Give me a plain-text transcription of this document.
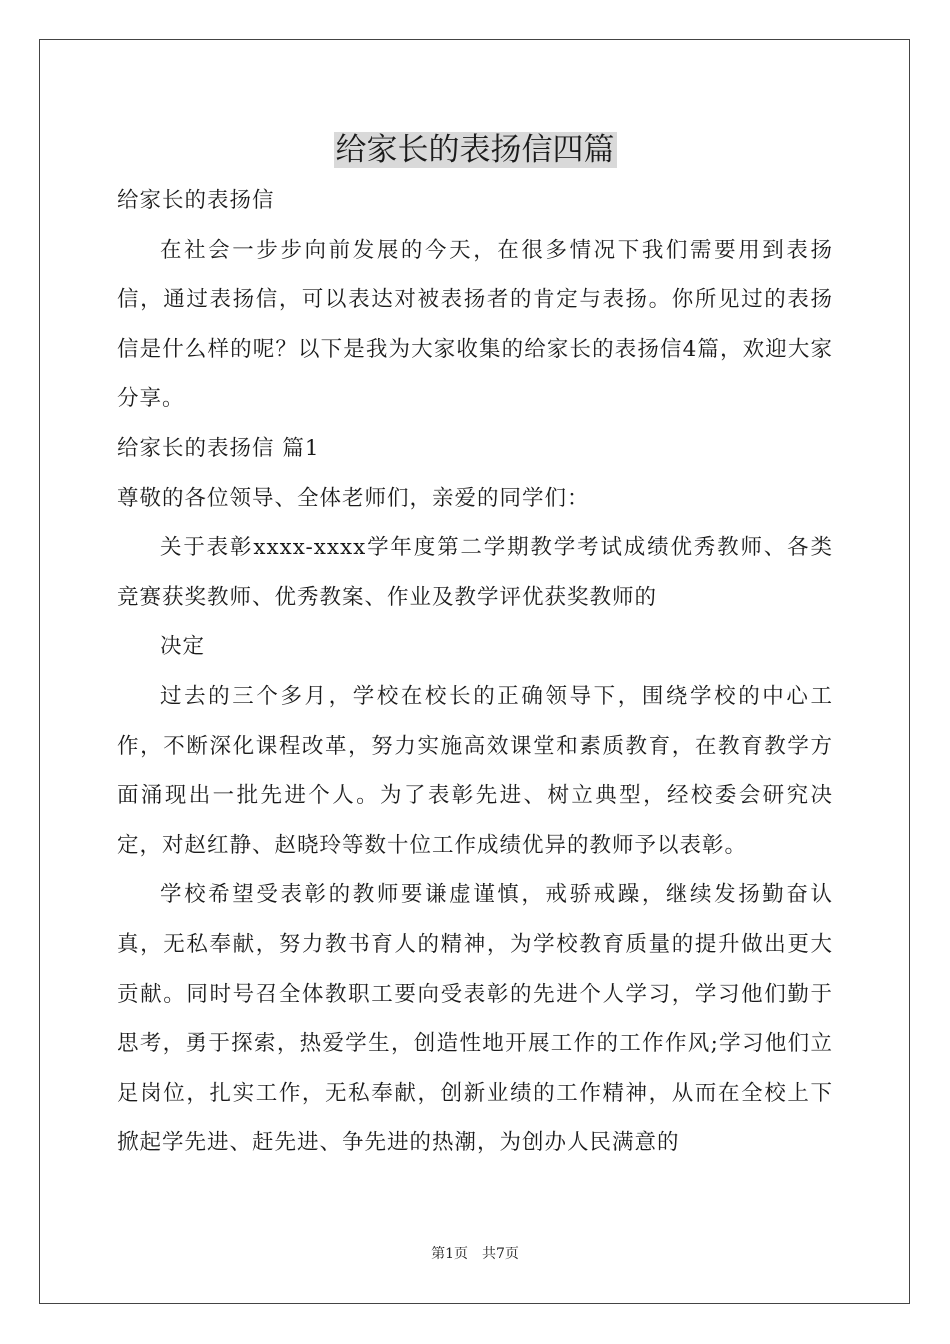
给家长的表扬信四篇

给家长的表扬信

在社会一步步向前发展的今天，在很多情况下我们需要用到表扬信，通过表扬信，可以表达对被表扬者的肯定与表扬。你所见过的表扬信是什么样的呢？以下是我为大家收集的给家长的表扬信4篇，欢迎大家分享。

给家长的表扬信 篇1

尊敬的各位领导、全体老师们，亲爱的同学们：

关于表彰xxxx-xxxx学年度第二学期教学考试成绩优秀教师、各类竞赛获奖教师、优秀教案、作业及教学评优获奖教师的

决定

过去的三个多月，学校在校长的正确领导下，围绕学校的中心工作，不断深化课程改革，努力实施高效课堂和素质教育，在教育教学方面涌现出一批先进个人。为了表彰先进、树立典型，经校委会研究决定，对赵红静、赵晓玲等数十位工作成绩优异的教师予以表彰。

学校希望受表彰的教师要谦虚谨慎，戒骄戒躁，继续发扬勤奋认真，无私奉献，努力教书育人的精神，为学校教育质量的提升做出更大贡献。同时号召全体教职工要向受表彰的先进个人学习，学习他们勤于思考，勇于探索，热爱学生，创造性地开展工作的工作作风;学习他们立足岗位，扎实工作，无私奉献，创新业绩的工作精神，从而在全校上下掀起学先进、赶先进、争先进的热潮，为创办人民满意的

第1页　共7页
